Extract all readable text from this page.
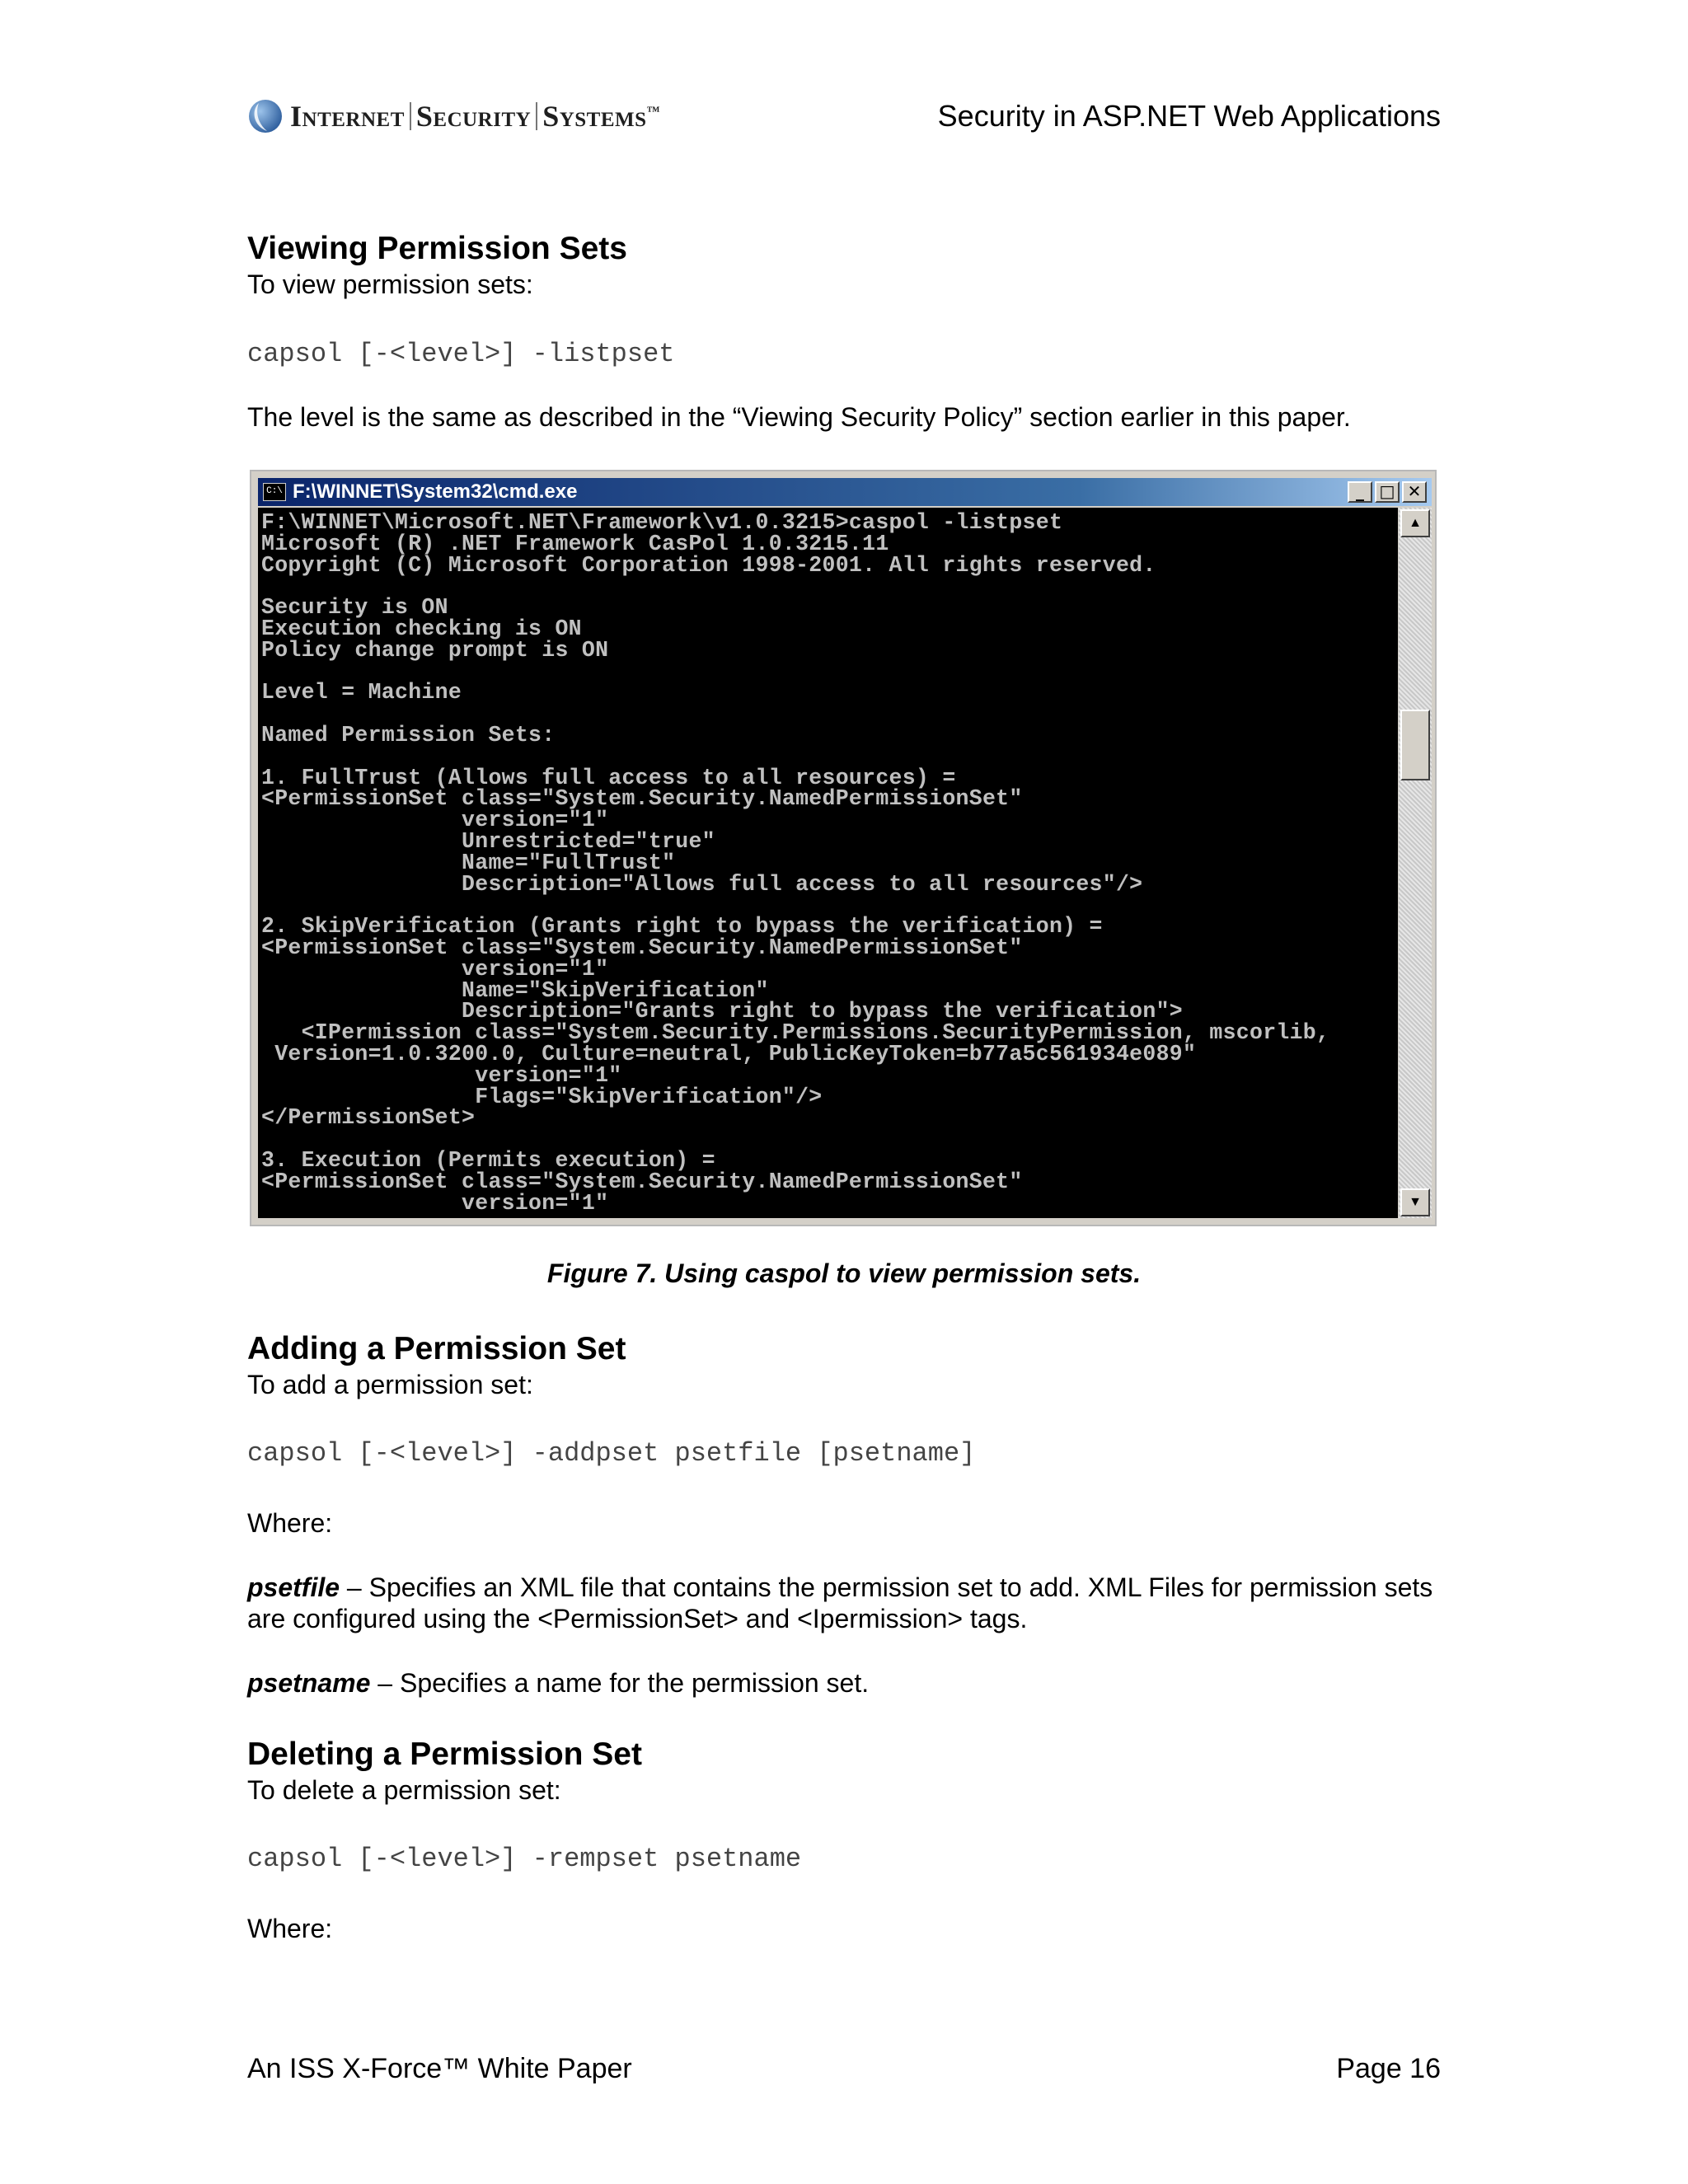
Internet Security Systems™	Security in ASP.NET Web Applications
Viewing Permission Sets
To view permission sets:
capsol [-<level>] -listpset
The level is the same as described in the “Viewing Security Policy” section earlier in this paper.
C:\ F:\WINNET\System32\cmd.exe	_ □ ✕
F:\WINNET\Microsoft.NET\Framework\v1.0.3215>caspol -listpset
Microsoft (R) .NET Framework CasPol 1.0.3215.11
Copyright (C) Microsoft Corporation 1998-2001. All rights reserved.

Security is ON
Execution checking is ON
Policy change prompt is ON

Level = Machine

Named Permission Sets:

1. FullTrust (Allows full access to all resources) =
<PermissionSet class="System.Security.NamedPermissionSet"
version="1"
Unrestricted="true"
Name="FullTrust"
Description="Allows full access to all resources"/>

2. SkipVerification (Grants right to bypass the verification) =
<PermissionSet class="System.Security.NamedPermissionSet"
version="1"
Name="SkipVerification"
Description="Grants right to bypass the verification">
<IPermission class="System.Security.Permissions.SecurityPermission, mscorlib,
Version=1.0.3200.0, Culture=neutral, PublicKeyToken=b77a5c561934e089"
version="1"
Flags="SkipVerification"/>
</PermissionSet>

3. Execution (Permits execution) =
<PermissionSet class="System.Security.NamedPermissionSet"
version="1"
▲
▼
Figure 7. Using caspol to view permission sets.
Adding a Permission Set
To add a permission set:
capsol [-<level>] -addpset psetfile [psetname]
Where:
psetfile – Specifies an XML file that contains the permission set to add. XML Files for permission sets are configured using the <PermissionSet> and <Ipermission> tags.
psetname – Specifies a name for the permission set.
Deleting a Permission Set
To delete a permission set:
capsol [-<level>] -rempset psetname
Where:
An ISS X-Force™ White Paper	Page 16
